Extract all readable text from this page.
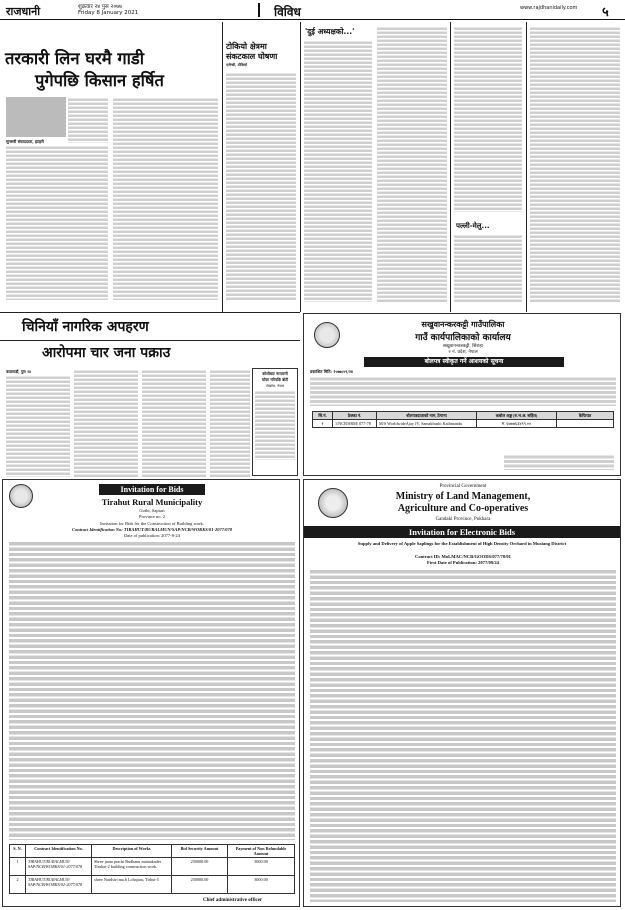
राजधानी	शुक्रवार २४ पुस २०७७
Friday 8 January 2021	विविध	www.rajdhanidaily.com ५
तरकारी लिन घरमै गाडी
पुगेपछि किसान हर्षित
सुनसरी संवाददाता, इटहरी
टोकियो क्षेत्रमा
संकटकाल घोषणा
एजेन्सी, टोकियो
'दुई अध्यक्षको...'
पल्ली-मेलु...
चिनियाँ नागरिक अपहरण
आरोपमा चार जना पक्राउ
काठमाडौं, पुस २४	कोशीबाट नारायणी
र्याफ्ट गरिपछि बोटी
पोखरेल, नेपाल
सखुवानन्करकट्टी गाउँपालिका
गाउँ कार्यपालिकाको कार्यालय
सखुवानन्करकट्टी, सिराहा
२ नं. प्रदेश, नेपाल
बोलपत्र स्वीकृत गर्ने आशयको सूचना
प्रकाशित मिति: २०७७/०९/२४
सि.नं.	ठेक्का नं.	बोलपत्रदाताको नाम, ठेगाना	कबोल अङ्क (रु.भ.अ. सहित)	कैफियत
१	1/NCB/SRM/ 077-78	M/S WorldwideAjay JV, Samakhushi Kathmandu	रु. ६७७७६३४९९.००	
Invitation for Bids
Tirahut Rural Municipality
Gothi, Saptari
Province no. 2
Invitation for Bids for the Construction of Building work.
Contract Identification No: TIRAHUT/RURALMUN/SAP/NCB/WORKS/01-2077/078
Date of publication: 2077-8-24
S. N.	Contract Identification No.	Description of Works	Bid Security Amount	Payment of Non Refundable Amount
1	TIRAHUT/RURALMUN/ SAP/NCB/WORKS/01-2077/078	Shree janta prachi Budhanu mainakader Tiruhat-2 building construction work.	250000.00	3000.00
2	TIRAHUT/RURALMUN/ SAP/NCB/WORKS/02-2077/078	shree Nardsiri ma.b Lohajaru, Tirhut-5	250000.00	3000.00
Chief administrative officer
Provincial Government
Ministry of Land Management,
Agriculture and Co-operatives
Gandaki Province, Pokhara
Invitation for Electronic Bids
Supply and Delivery of Apple Saplings for the Establishment of High Density Orchard in Mustang District
Contract ID: MoLMAC/NCB/GOODS/077/78/01
First Date of Publication: 2077/09/24
